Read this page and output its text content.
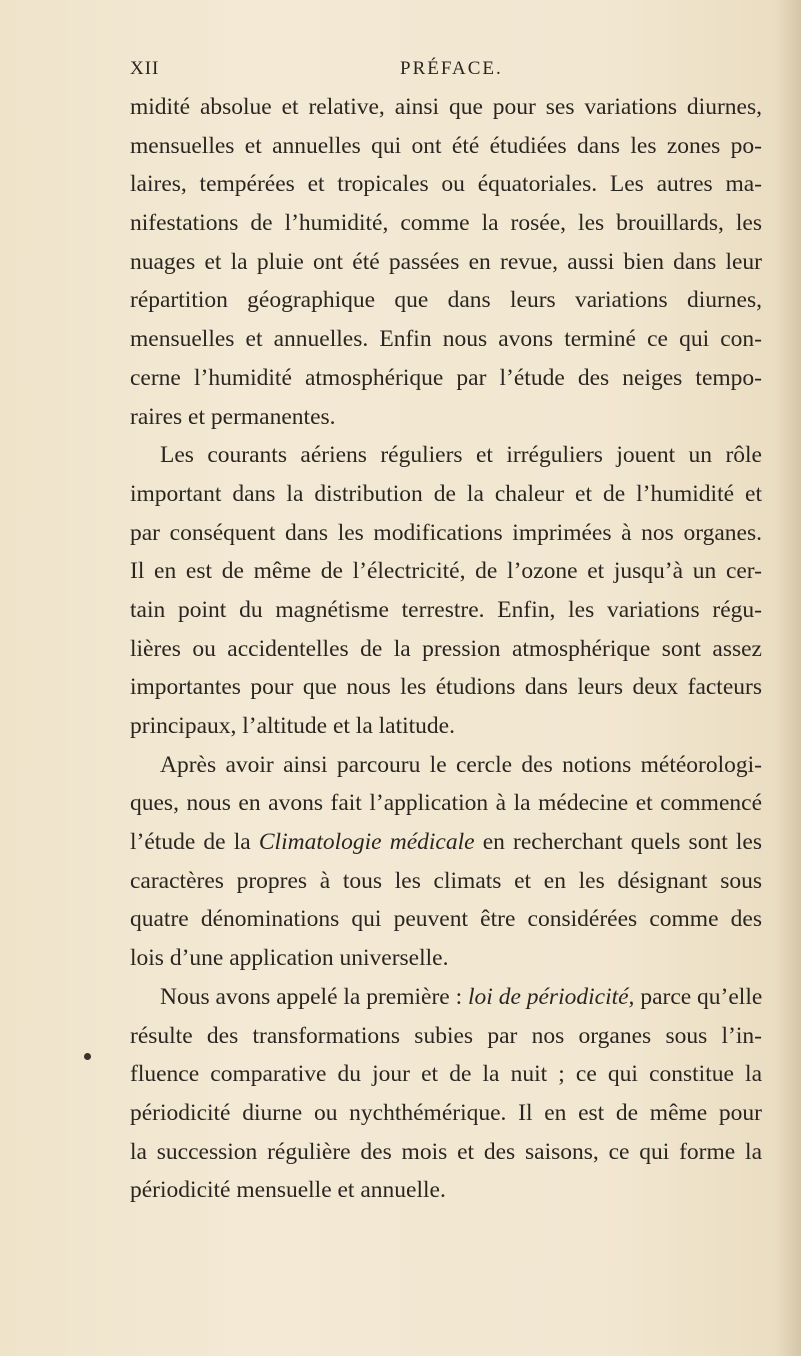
XII	PRÉFACE.
midité absolue et relative, ainsi que pour ses variations diurnes,
mensuelles et annuelles qui ont été étudiées dans les zones po-
laires, tempérées et tropicales ou équatoriales. Les autres ma-
nifestations de l’humidité, comme la rosée, les brouillards, les
nuages et la pluie ont été passées en revue, aussi bien dans leur
répartition géographique que dans leurs variations diurnes,
mensuelles et annuelles. Enfin nous avons terminé ce qui con-
cerne l’humidité atmosphérique par l’étude des neiges tempo-
raires et permanentes.
Les courants aériens réguliers et irréguliers jouent un rôle
important dans la distribution de la chaleur et de l’humidité et
par conséquent dans les modifications imprimées à nos organes.
Il en est de même de l’électricité, de l’ozone et jusqu’à un cer-
tain point du magnétisme terrestre. Enfin, les variations régu-
lières ou accidentelles de la pression atmosphérique sont assez
importantes pour que nous les étudions dans leurs deux facteurs
principaux, l’altitude et la latitude.
Après avoir ainsi parcouru le cercle des notions météorologi-
ques, nous en avons fait l’application à la médecine et commencé
l’étude de la Climatologie médicale en recherchant quels sont les
caractères propres à tous les climats et en les désignant sous
quatre dénominations qui peuvent être considérées comme des
lois d’une application universelle.
Nous avons appelé la première : loi de périodicité, parce qu’elle
résulte des transformations subies par nos organes sous l’in-
fluence comparative du jour et de la nuit ; ce qui constitue la
périodicité diurne ou nychthémérique. Il en est de même pour
la succession régulière des mois et des saisons, ce qui forme la
périodicité mensuelle et annuelle.
